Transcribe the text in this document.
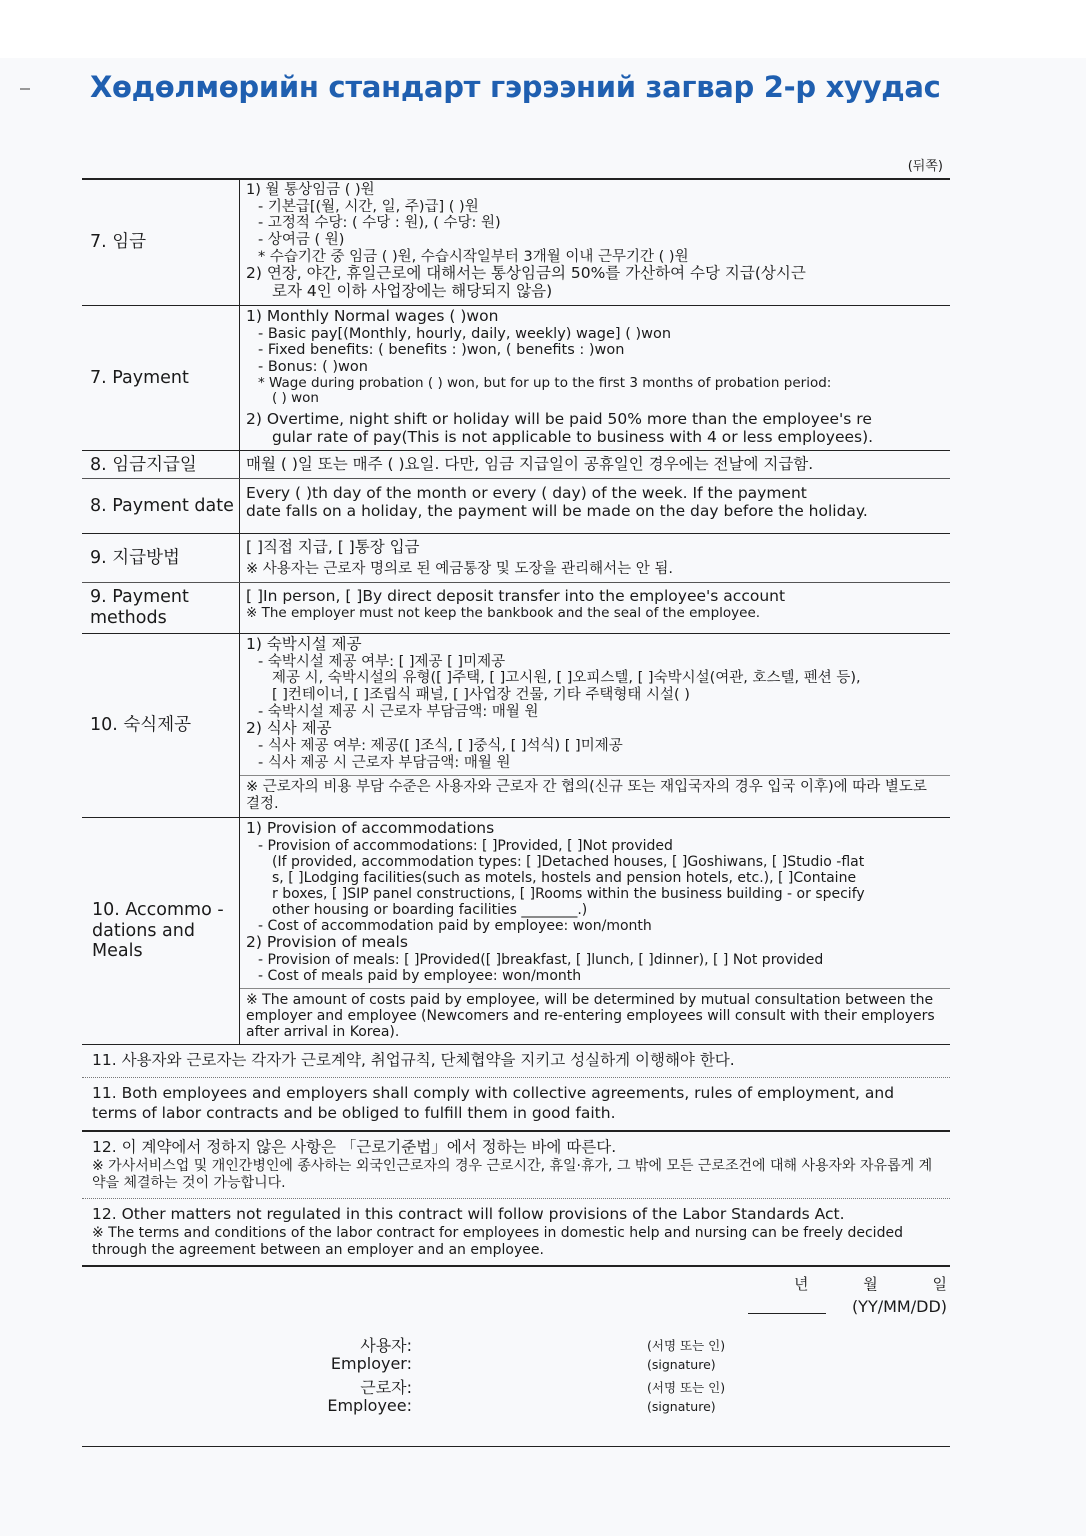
Хөдөлмөрийн стандарт гэрээний загвар 2-р хуудас
(뒤쪽)
7. 임금
1) 월 통상임금 ( )원
- 기본급[(월, 시간, 일, 주)급] ( )원
- 고정적 수당: ( 수당 : 원), ( 수당: 원)
- 상여금 ( 원)
* 수습기간 중 임금 ( )원, 수습시작일부터 3개월 이내 근무기간 ( )원
2) 연장, 야간, 휴일근로에 대해서는 통상임금의 50%를 가산하여 수당 지급(상시근
로자 4인 이하 사업장에는 해당되지 않음)
7. Payment
1) Monthly Normal wages ( )won
- Basic pay[(Monthly, hourly, daily, weekly) wage] ( )won
- Fixed benefits: ( benefits : )won, ( benefits : )won
- Bonus: ( )won
* Wage during probation ( ) won, but for up to the first 3 months of probation period:
( ) won
2) Overtime, night shift or holiday will be paid 50% more than the employee's re
gular rate of pay(This is not applicable to business with 4 or less employees).
8. 임금지급일	매월 ( )일 또는 매주 ( )요일. 다만, 임금 지급일이 공휴일인 경우에는 전날에 지급함.
8. Payment date
Every ( )th day of the month or every ( day) of the week. If the payment
date falls on a holiday, the payment will be made on the day before the holiday.
9. 지급방법
[ ]직접 지급, [ ]통장 입금
※ 사용자는 근로자 명의로 된 예금통장 및 도장을 관리해서는 안 됨.
9. Payment methods
[ ]In person, [ ]By direct deposit transfer into the employee's account
※ The employer must not keep the bankbook and the seal of the employee.
10. 숙식제공
1) 숙박시설 제공
- 숙박시설 제공 여부: [ ]제공 [ ]미제공
제공 시, 숙박시설의 유형([ ]주택, [ ]고시원, [ ]오피스텔, [ ]숙박시설(여관, 호스텔, 펜션 등),
[ ]컨테이너, [ ]조립식 패널, [ ]사업장 건물, 기타 주택형태 시설( )
- 숙박시설 제공 시 근로자 부담금액: 매월 원
2) 식사 제공
- 식사 제공 여부: 제공([ ]조식, [ ]중식, [ ]석식) [ ]미제공
- 식사 제공 시 근로자 부담금액: 매월 원
※ 근로자의 비용 부담 수준은 사용자와 근로자 간 협의(신규 또는 재입국자의 경우 입국 이후)에 따라 별도로 결정.
10. Accommo -dations and Meals
1) Provision of accommodations
- Provision of accommodations: [ ]Provided, [ ]Not provided
(If provided, accommodation types: [ ]Detached houses, [ ]Goshiwans, [ ]Studio -flat
s, [ ]Lodging facilities(such as motels, hostels and pension hotels, etc.), [ ]Containe
r boxes, [ ]SIP panel constructions, [ ]Rooms within the business building - or specify
other housing or boarding facilities ________.)
- Cost of accommodation paid by employee: won/month
2) Provision of meals
- Provision of meals: [ ]Provided([ ]breakfast, [ ]lunch, [ ]dinner), [ ] Not provided
- Cost of meals paid by employee: won/month
※ The amount of costs paid by employee, will be determined by mutual consultation between the employer and employee (Newcomers and re-entering employees will consult with their employers after arrival in Korea).
11. 사용자와 근로자는 각자가 근로계약, 취업규칙, 단체협약을 지키고 성실하게 이행해야 한다.
11. Both employees and employers shall comply with collective agreements, rules of employment, and terms of labor contracts and be obliged to fulfill them in good faith.
12. 이 계약에서 정하지 않은 사항은 「근로기준법」에서 정하는 바에 따른다.
※ 가사서비스업 및 개인간병인에 종사하는 외국인근로자의 경우 근로시간, 휴일·휴가, 그 밖에 모든 근로조건에 대해 사용자와 자유롭게 계약을 체결하는 것이 가능합니다.
12. Other matters not regulated in this contract will follow provisions of the Labor Standards Act.
※ The terms and conditions of the labor contract for employees in domestic help and nursing can be freely decided through the agreement between an employer and an employee.
년 월 일
(YY/MM/DD)
사용자:
Employer:
(서명 또는 인)
(signature)
근로자:
Employee:
(서명 또는 인)
(signature)
